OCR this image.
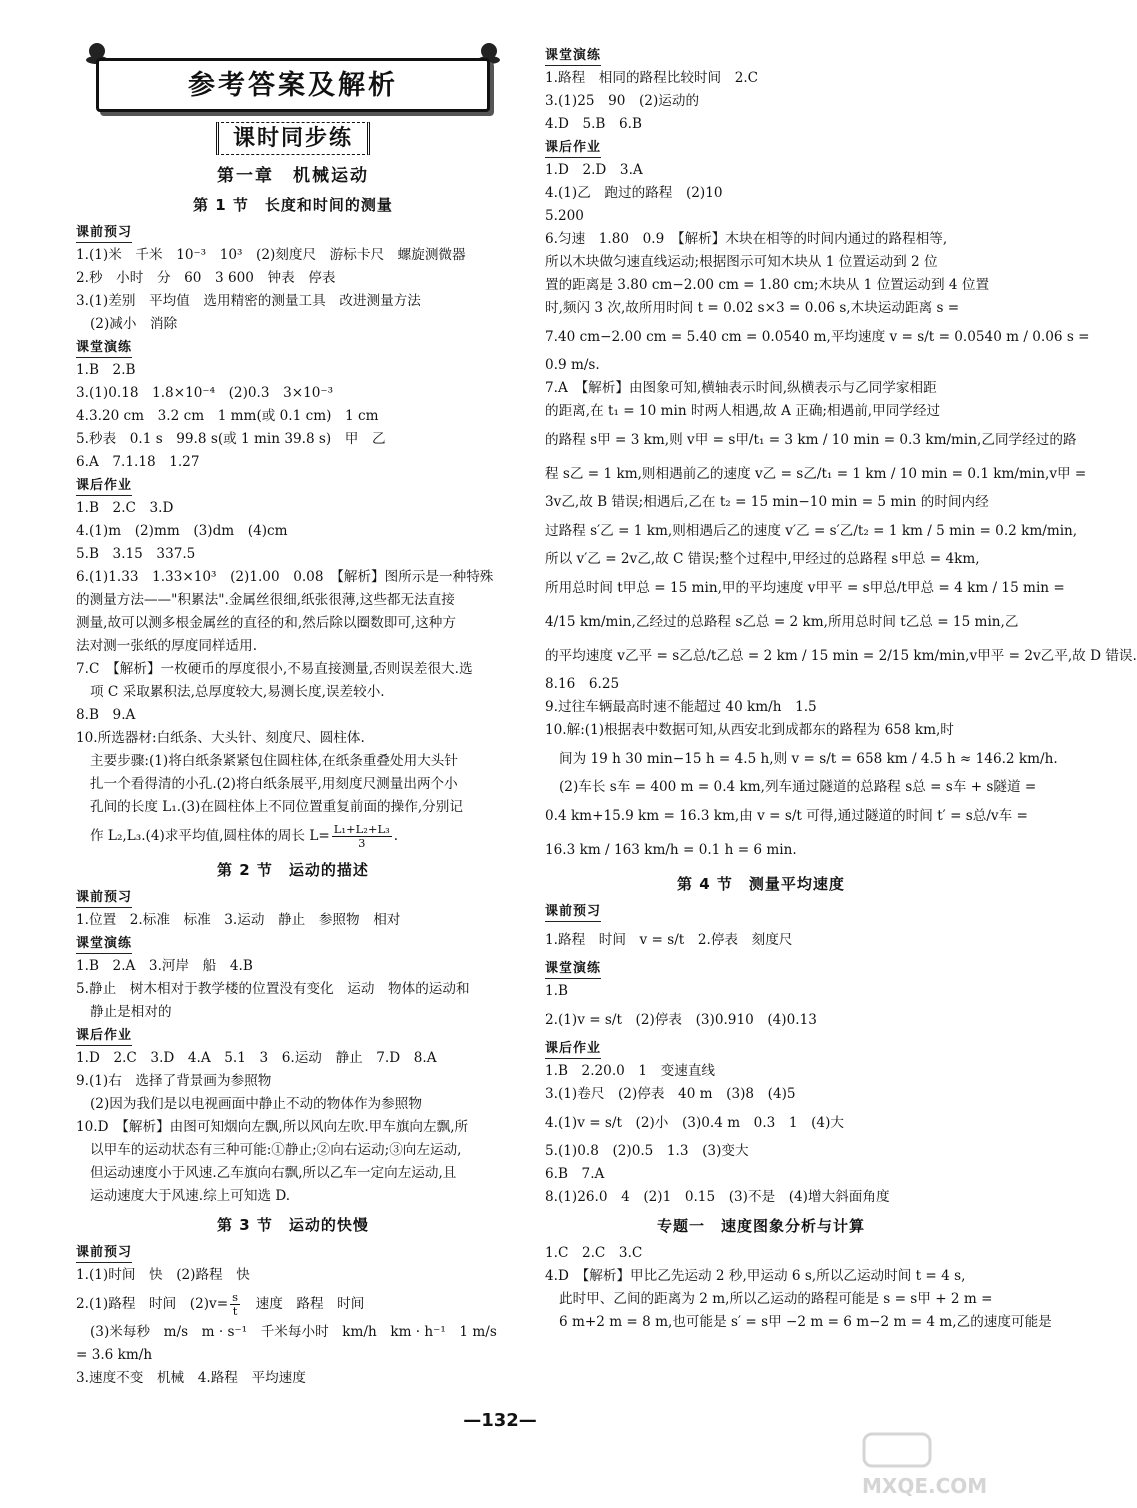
参考答案及解析
课时同步练
第一章　机械运动
第 1 节　长度和时间的测量
课前预习
1.(1)米　千米　10⁻³　10³　(2)刻度尺　游标卡尺　螺旋测微器
2.秒　小时　分　60　3 600　钟表　停表
3.(1)差别　平均值　选用精密的测量工具　改进测量方法
(2)减小　消除
课堂演练
1.B　2.B
3.(1)0.18　1.8×10⁻⁴　(2)0.3　3×10⁻³
4.3.20 cm　3.2 cm　1 mm(或 0.1 cm)　1 cm
5.秒表　0.1 s　99.8 s(或 1 min 39.8 s)　甲　乙
6.A　7.1.18　1.27
课后作业
1.B　2.C　3.D
4.(1)m　(2)mm　(3)dm　(4)cm
5.B　3.15　337.5
6.(1)1.33　1.33×10³　(2)1.00　0.08　【解析】图所示是一种特殊
的测量方法——"积累法".金属丝很细,纸张很薄,这些都无法直接
测量,故可以测多根金属丝的直径的和,然后除以圈数即可,这种方
法对测一张纸的厚度同样适用.
7.C　【解析】一枚硬币的厚度很小,不易直接测量,否则误差很大.选
项 C 采取累积法,总厚度较大,易测长度,误差较小.
8.B　9.A
10.所选器材:白纸条、大头针、刻度尺、圆柱体.
主要步骤:(1)将白纸条紧紧包住圆柱体,在纸条重叠处用大头针
扎一个看得清的小孔.(2)将白纸条展平,用刻度尺测量出两个小
孔间的长度 L₁.(3)在圆柱体上不同位置重复前面的操作,分别记
作 L₂,L₃.(4)求平均值,圆柱体的周长 $L= \frac{\text{L₁+L₂+L₃}}{3}$ .
第 2 节　运动的描述
课前预习
1.位置　2.标准　标准　3.运动　静止　参照物　相对
课堂演练
1.B　2.A　3.河岸　船　4.B
5.静止　树木相对于教学楼的位置没有变化　运动　物体的运动和
静止是相对的
课后作业
1.D　2.C　3.D　4.A　5.1　3　6.运动　静止　7.D　8.A
9.(1)右　选择了背景画为参照物
(2)因为我们是以电视画面中静止不动的物体作为参照物
10.D　【解析】由图可知烟向左飘,所以风向左吹.甲车旗向左飘,所
以甲车的运动状态有三种可能:①静止;②向右运动;③向左运动,
但运动速度小于风速.乙车旗向右飘,所以乙车一定向左运动,且
运动速度大于风速.综上可知选 D.
第 3 节　运动的快慢
课前预习
1.(1)时间　快　(2)路程　快
2.(1)路程　时间　$(2)v= \frac{s}{t}$ 　速度　路程　时间
(3)米每秒　m/s　m · s⁻¹　千米每小时　km/h　km · h⁻¹　1 m/s
= 3.6 km/h
3.速度不变　机械　4.路程　平均速度
课堂演练
1.路程　相同的路程比较时间　2.C
3.(1)25　90　(2)运动的
4.D　5.B　6.B
课后作业
1.D　2.D　3.A
4.(1)乙　跑过的路程　(2)10
5.200
6.匀速　1.80　0.9　【解析】木块在相等的时间内通过的路程相等,
所以木块做匀速直线运动;根据图示可知木块从 1 位置运动到 2 位
置的距离是 3.80 cm−2.00 cm = 1.80 cm;木块从 1 位置运动到 4 位置
时,频闪 3 次,故所用时间 t = 0.02 s×3 = 0.06 s,木块运动距离 s =
7.40 cm−2.00 cm = 5.40 cm = 0.0540 m,平均速度 v = s/t = 0.0540 m / 0.06 s =
0.9 m/s.
7.A　【解析】由图象可知,横轴表示时间,纵横表示与乙同学家相距
的距离,在 t₁ = 10 min 时两人相遇,故 A 正确;相遇前,甲同学经过
的路程 s甲 = 3 km,则 v甲 = s甲/t₁ = 3 km / 10 min = 0.3 km/min,乙同学经过的路
程 s乙 = 1 km,则相遇前乙的速度 v乙 = s乙/t₁ = 1 km / 10 min = 0.1 km/min,v甲 =
3v乙,故 B 错误;相遇后,乙在 t₂ = 15 min−10 min = 5 min 的时间内经
过路程 s′乙 = 1 km,则相遇后乙的速度 v′乙 = s′乙/t₂ = 1 km / 5 min = 0.2 km/min,
所以 v′乙 = 2v乙,故 C 错误;整个过程中,甲经过的总路程 s甲总 = 4km,
所用总时间 t甲总 = 15 min,甲的平均速度 v甲平 = s甲总/t甲总 = 4 km / 15 min =
4/15 km/min,乙经过的总路程 s乙总 = 2 km,所用总时间 t乙总 = 15 min,乙
的平均速度 v乙平 = s乙总/t乙总 = 2 km / 15 min = 2/15 km/min,v甲平 = 2v乙平,故 D 错误.
8.16　6.25
9.过往车辆最高时速不能超过 40 km/h　1.5
10.解:(1)根据表中数据可知,从西安北到成都东的路程为 658 km,时
间为 19 h 30 min−15 h = 4.5 h,则 v = s/t = 658 km / 4.5 h ≈ 146.2 km/h.
(2)车长 s车 = 400 m = 0.4 km,列车通过隧道的总路程 s总 = s车 + s隧道 =
0.4 km+15.9 km = 16.3 km,由 v = s/t 可得,通过隧道的时间 t′ = s总/v车 =
16.3 km / 163 km/h = 0.1 h = 6 min.
第 4 节　测量平均速度
课前预习
1.路程　时间　v = s/t　2.停表　刻度尺
课堂演练
1.B
2.(1)v = s/t　(2)停表　(3)0.910　(4)0.13
课后作业
1.B　2.20.0　1　变速直线
3.(1)卷尺　(2)停表　40 m　(3)8　(4)5
4.(1)v = s/t　(2)小　(3)0.4 m　0.3　1　(4)大
5.(1)0.8　(2)0.5　1.3　(3)变大
6.B　7.A
8.(1)26.0　4　(2)1　0.15　(3)不是　(4)增大斜面角度
专题一　速度图象分析与计算
1.C　2.C　3.C
4.D　【解析】甲比乙先运动 2 秒,甲运动 6 s,所以乙运动时间 t = 4 s,
此时甲、乙间的距离为 2 m,所以乙运动的路程可能是 s = s甲 + 2 m =
6 m+2 m = 8 m,也可能是 s′ = s甲 −2 m = 6 m−2 m = 4 m,乙的速度可能是
—132—
MXQE.COM
